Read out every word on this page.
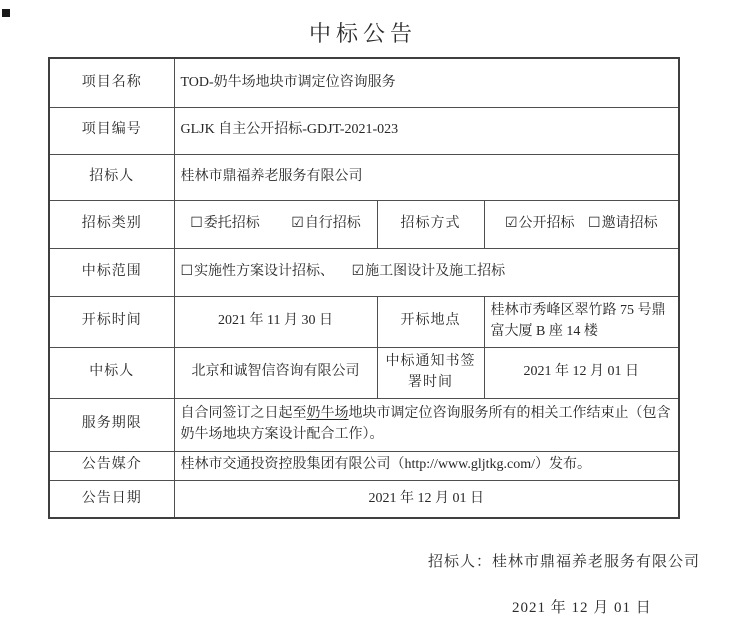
中标公告
项目名称	TOD-奶牛场地块市调定位咨询服务		
项目编号	GLJK 自主公开招标-GDJT-2021-023		
招标人	桂林市鼎福养老服务有限公司		
招标类别	☐委托招标 ☑自行招标	招标方式	☑公开招标 ☐邀请招标
中标范围	☐实施性方案设计招标、 ☑施工图设计及施工招标		
开标时间	2021 年 11 月 30 日	开标地点	桂林市秀峰区翠竹路 75 号鼎富大厦 B 座 14 楼
中标人	北京和诚智信咨询有限公司	中标通知书签署时间	2021 年 12 月 01 日
服务期限	自合同签订之日起至奶牛场地块市调定位咨询服务所有的相关工作结束止（包含奶牛场地块方案设计配合工作）。		
公告媒介	桂林市交通投资控股集团有限公司（http://www.gljtkg.com/）发布。		
公告日期	2021 年 12 月 01 日		
招标人：桂林市鼎福养老服务有限公司
2021 年 12 月 01 日
